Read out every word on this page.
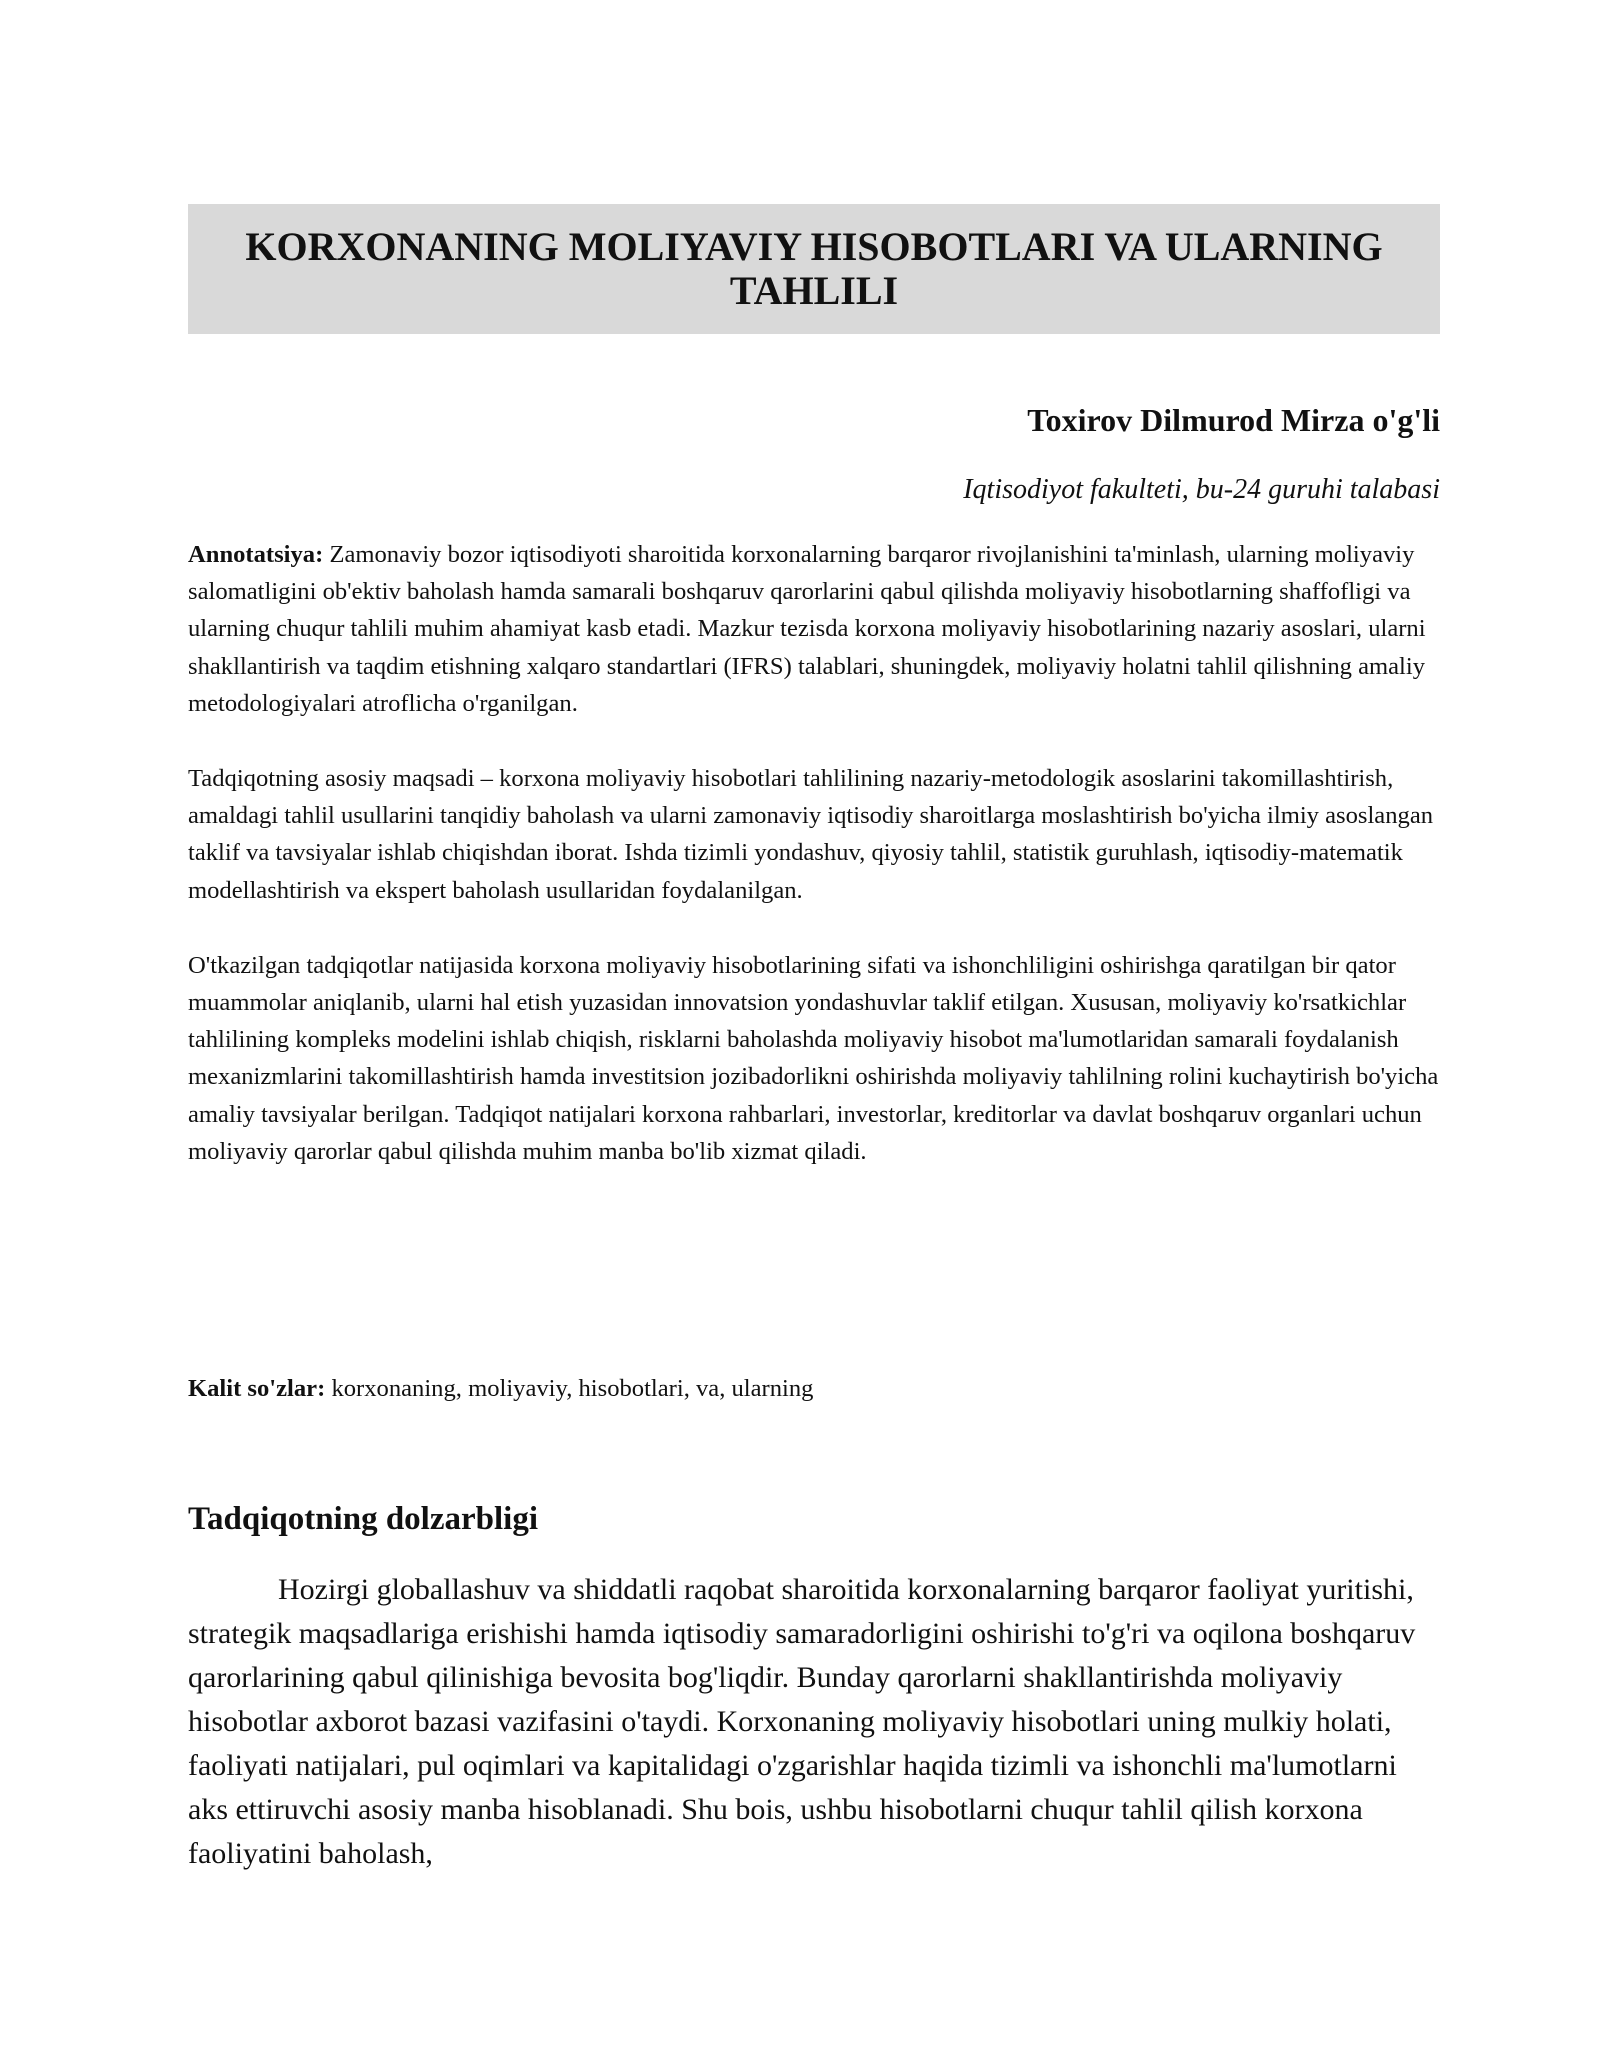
KORXONANING MOLIYAVIY HISOBOTLARI VA ULARNING TAHLILI

Toxirov Dilmurod Mirza o'g'li

Iqtisodiyot fakulteti, bu-24 guruhi talabasi

Annotatsiya: Zamonaviy bozor iqtisodiyoti sharoitida korxonalarning barqaror rivojlanishini ta'minlash, ularning moliyaviy salomatligini ob'ektiv baholash hamda samarali boshqaruv qarorlarini qabul qilishda moliyaviy hisobotlarning shaffofligi va ularning chuqur tahlili muhim ahamiyat kasb etadi. Mazkur tezisda korxona moliyaviy hisobotlarining nazariy asoslari, ularni shakllantirish va taqdim etishning xalqaro standartlari (IFRS) talablari, shuningdek, moliyaviy holatni tahlil qilishning amaliy metodologiyalari atroflicha o'rganilgan.

Tadqiqotning asosiy maqsadi – korxona moliyaviy hisobotlari tahlilining nazariy-metodologik asoslarini takomillashtirish, amaldagi tahlil usullarini tanqidiy baholash va ularni zamonaviy iqtisodiy sharoitlarga moslashtirish bo'yicha ilmiy asoslangan taklif va tavsiyalar ishlab chiqishdan iborat. Ishda tizimli yondashuv, qiyosiy tahlil, statistik guruhlash, iqtisodiy-matematik modellashtirish va ekspert baholash usullaridan foydalanilgan.

O'tkazilgan tadqiqotlar natijasida korxona moliyaviy hisobotlarining sifati va ishonchliligini oshirishga qaratilgan bir qator muammolar aniqlanib, ularni hal etish yuzasidan innovatsion yondashuvlar taklif etilgan. Xususan, moliyaviy ko'rsatkichlar tahlilining kompleks modelini ishlab chiqish, risklarni baholashda moliyaviy hisobot ma'lumotlaridan samarali foydalanish mexanizmlarini takomillashtirish hamda investitsion jozibadorlikni oshirishda moliyaviy tahlilning rolini kuchaytirish bo'yicha amaliy tavsiyalar berilgan. Tadqiqot natijalari korxona rahbarlari, investorlar, kreditorlar va davlat boshqaruv organlari uchun moliyaviy qarorlar qabul qilishda muhim manba bo'lib xizmat qiladi.

Kalit so'zlar: korxonaning, moliyaviy, hisobotlari, va, ularning

Tadqiqotning dolzarbligi

Hozirgi globallashuv va shiddatli raqobat sharoitida korxonalarning barqaror faoliyat yuritishi, strategik maqsadlariga erishishi hamda iqtisodiy samaradorligini oshirishi to'g'ri va oqilona boshqaruv qarorlarining qabul qilinishiga bevosita bog'liqdir. Bunday qarorlarni shakllantirishda moliyaviy hisobotlar axborot bazasi vazifasini o'taydi. Korxonaning moliyaviy hisobotlari uning mulkiy holati, faoliyati natijalari, pul oqimlari va kapitalidagi o'zgarishlar haqida tizimli va ishonchli ma'lumotlarni aks ettiruvchi asosiy manba hisoblanadi. Shu bois, ushbu hisobotlarni chuqur tahlil qilish korxona faoliyatini baholash,
